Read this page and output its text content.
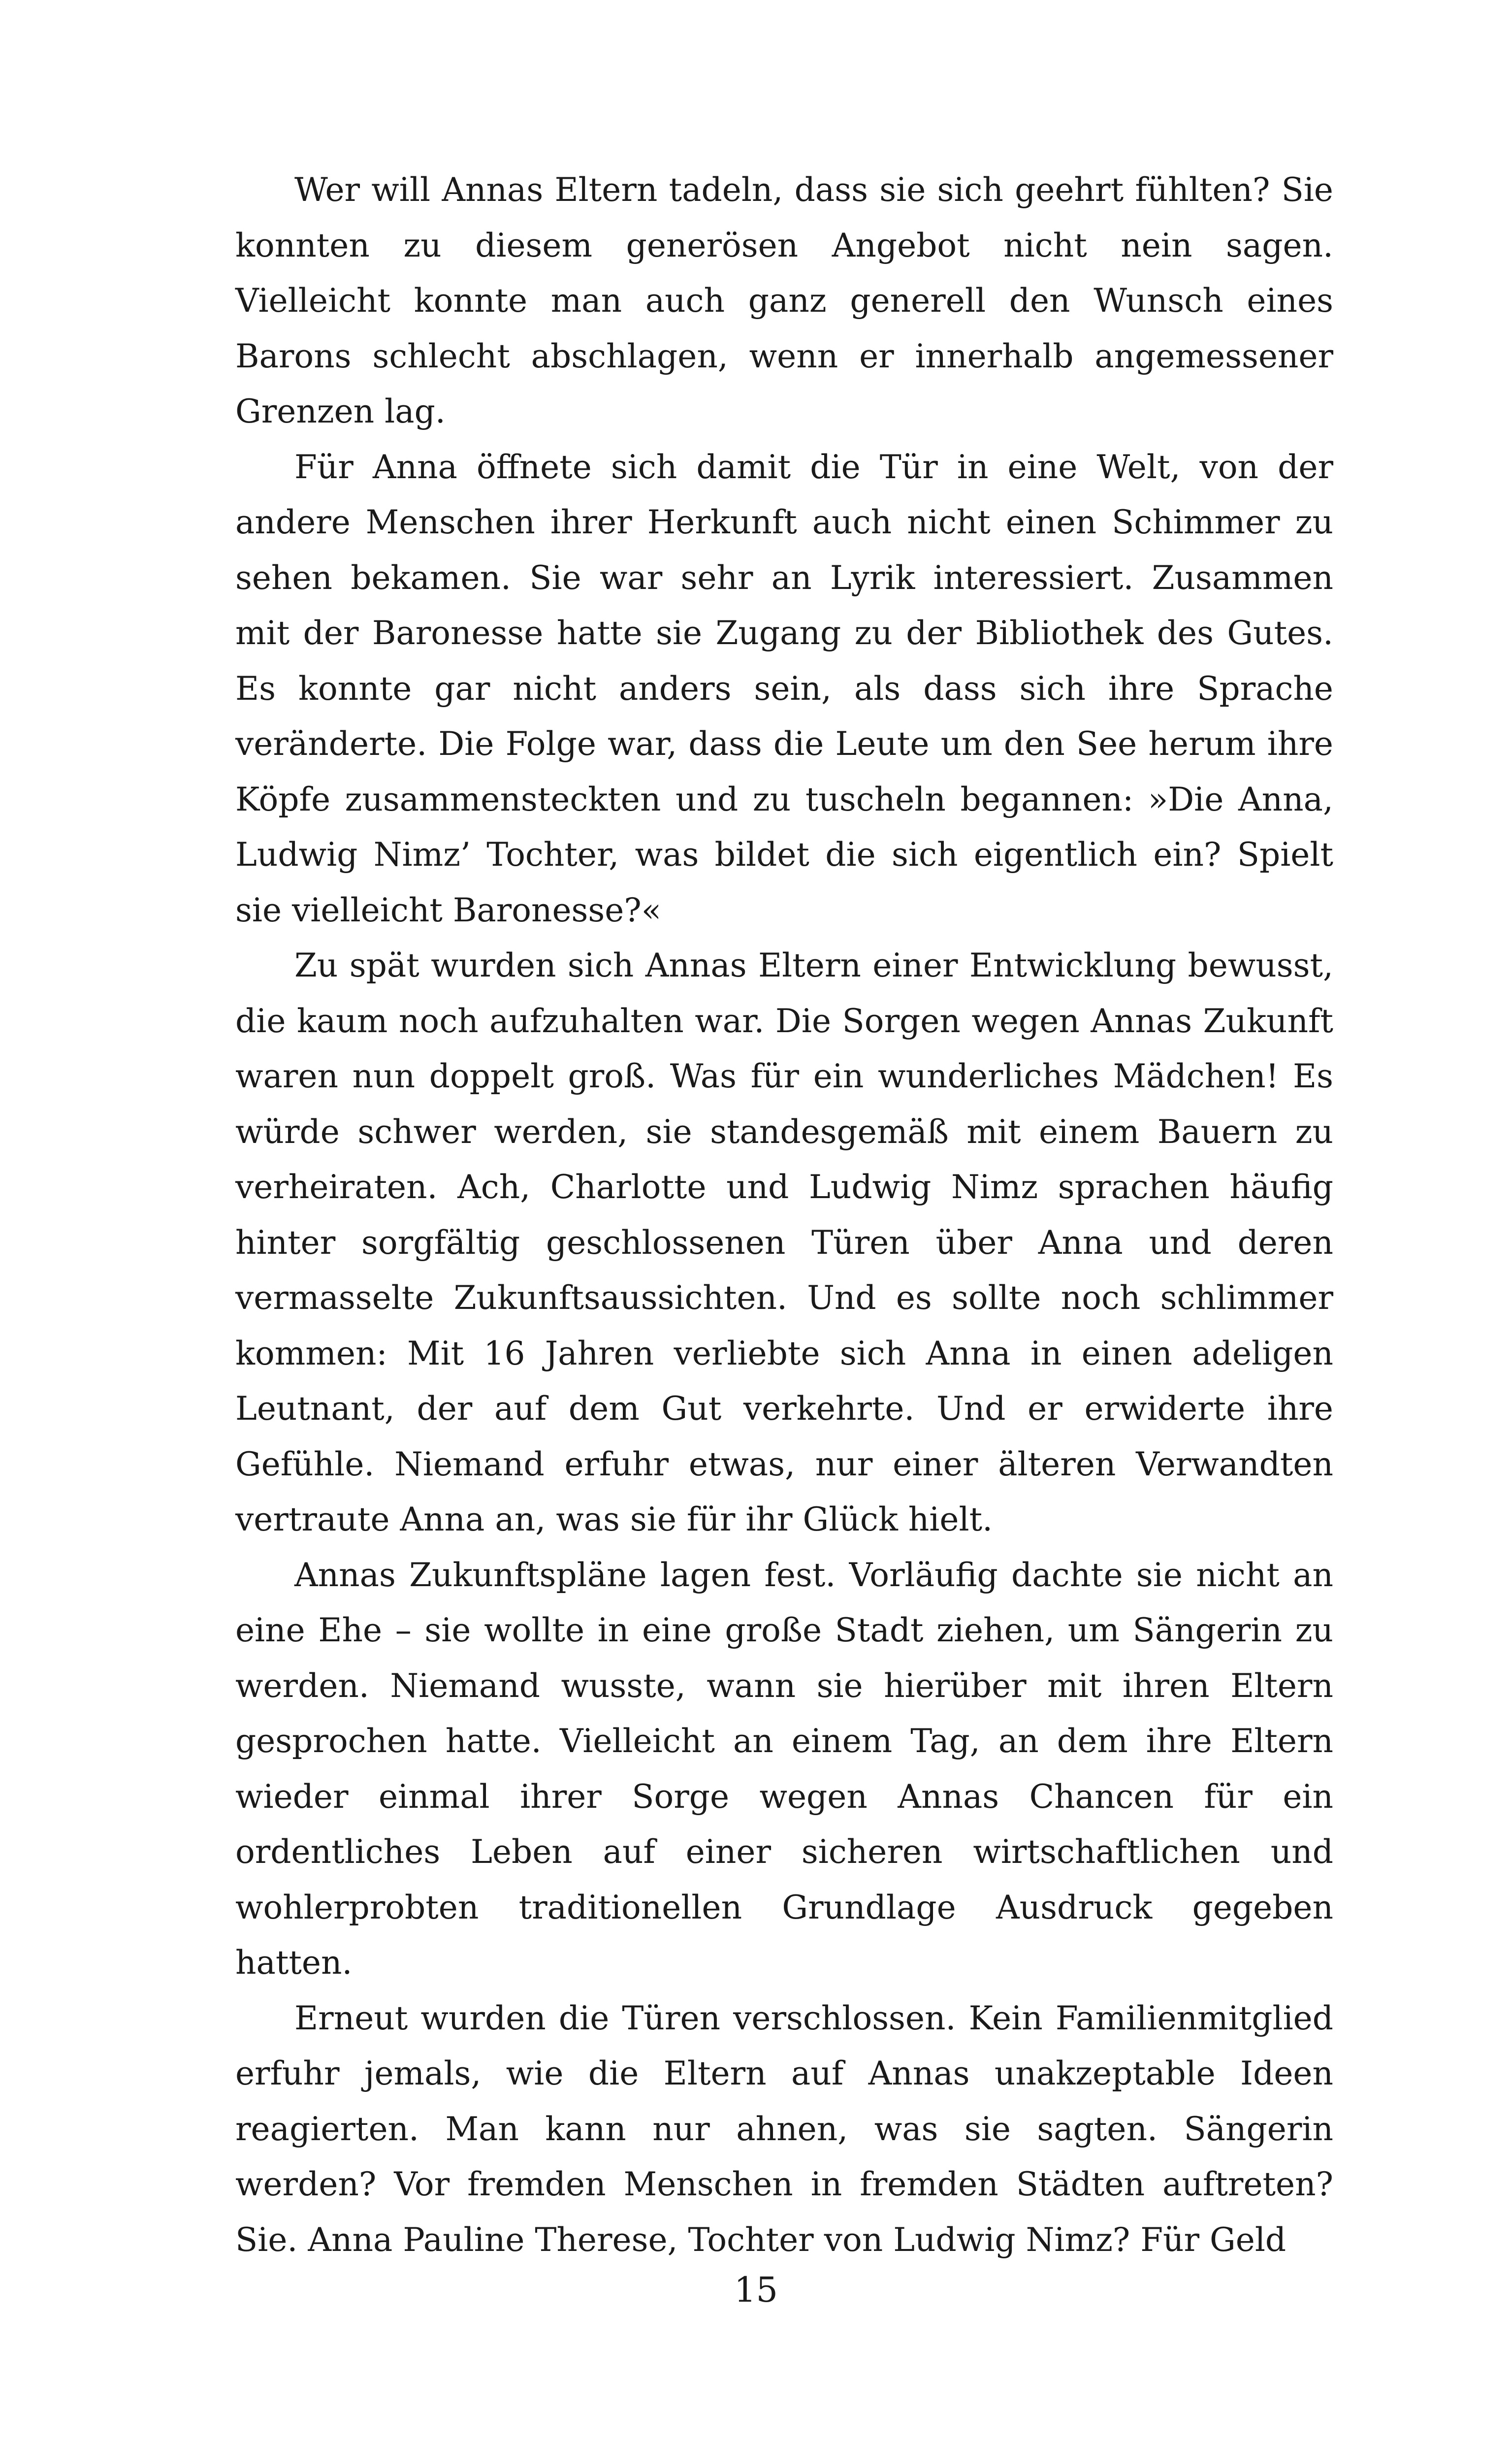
Wer will Annas Eltern tadeln, dass sie sich geehrt fühlten? Sie konnten zu diesem generösen Angebot nicht nein sagen. Vielleicht konnte man auch ganz generell den Wunsch eines Barons schlecht abschlagen, wenn er innerhalb angemessener Grenzen lag.

Für Anna öffnete sich damit die Tür in eine Welt, von der andere Menschen ihrer Herkunft auch nicht einen Schimmer zu sehen bekamen. Sie war sehr an Lyrik interessiert. Zusammen mit der Baronesse hatte sie Zugang zu der Bibliothek des Gutes. Es konnte gar nicht anders sein, als dass sich ihre Sprache veränderte. Die Folge war, dass die Leute um den See herum ihre Köpfe zusammensteckten und zu tuscheln begannen: »Die Anna, Ludwig Nimz’ Tochter, was bildet die sich eigentlich ein? Spielt sie vielleicht Baronesse?«

Zu spät wurden sich Annas Eltern einer Entwicklung bewusst, die kaum noch aufzuhalten war. Die Sorgen wegen Annas Zukunft waren nun doppelt groß. Was für ein wunderliches Mädchen! Es würde schwer werden, sie standesgemäß mit einem Bauern zu verheiraten. Ach, Charlotte und Ludwig Nimz sprachen häufig hinter sorgfältig geschlossenen Türen über Anna und deren vermasselte Zukunftsaussichten. Und es sollte noch schlimmer kommen: Mit 16 Jahren verliebte sich Anna in einen adeligen Leutnant, der auf dem Gut verkehrte. Und er erwiderte ihre Gefühle. Niemand erfuhr etwas, nur einer älteren Verwandten vertraute Anna an, was sie für ihr Glück hielt.

Annas Zukunftspläne lagen fest. Vorläufig dachte sie nicht an eine Ehe – sie wollte in eine große Stadt ziehen, um Sängerin zu werden. Niemand wusste, wann sie hierüber mit ihren Eltern gesprochen hatte. Vielleicht an einem Tag, an dem ihre Eltern wieder einmal ihrer Sorge wegen Annas Chancen für ein ordentliches Leben auf einer sicheren wirtschaftlichen und wohlerprobten traditionellen Grundlage Ausdruck gegeben hatten.

Erneut wurden die Türen verschlossen. Kein Familienmitglied erfuhr jemals, wie die Eltern auf Annas unakzeptable Ideen reagierten. Man kann nur ahnen, was sie sagten. Sängerin werden? Vor fremden Menschen in fremden Städten auftreten? Sie. Anna Pauline Therese, Tochter von Ludwig Nimz? Für Geld

15
